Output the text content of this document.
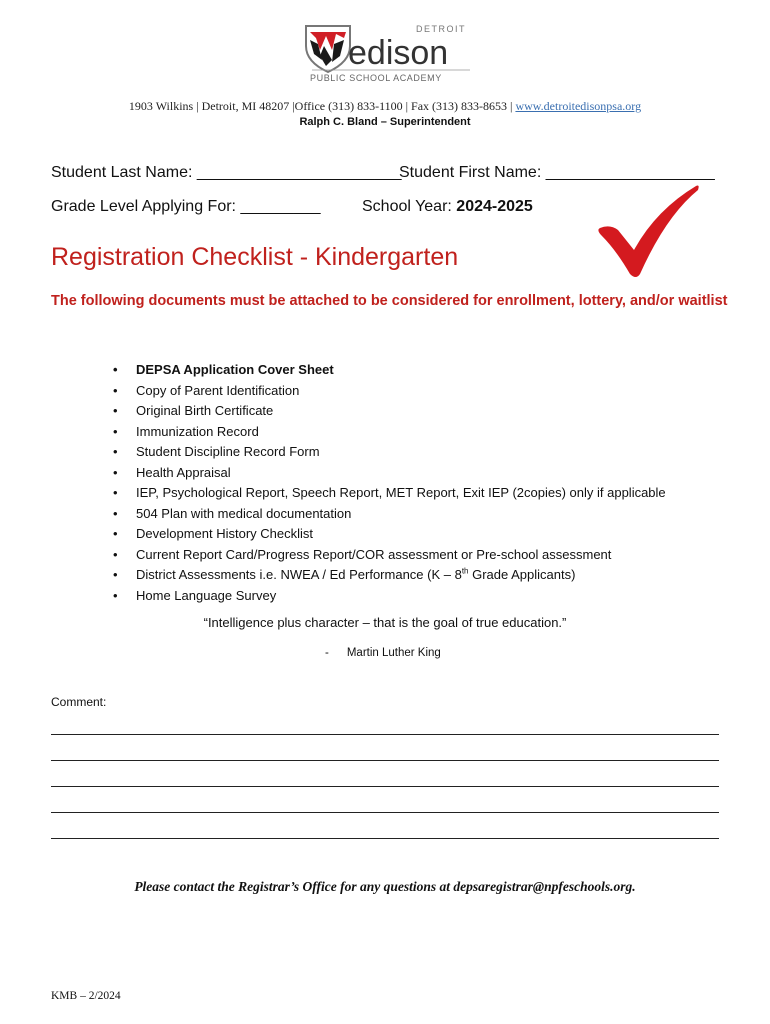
DETROIT
edison
PUBLIC SCHOOL ACADEMY
1903 Wilkins | Detroit, MI 48207 |Office (313) 833-1100 | Fax (313) 833-8653 | www.detroitedisonpsa.org
Ralph C. Bland – Superintendent
Student Last Name: _______________________
Student First Name: ___________________
Grade Level Applying For: _________	School Year: 2024-2025
Registration Checklist - Kindergarten
The following documents must be attached to be considered for enrollment, lottery, and/or waitlist
• DEPSA Application Cover Sheet
• Copy of Parent Identification
• Original Birth Certificate
• Immunization Record
• Student Discipline Record Form
• Health Appraisal
• IEP, Psychological Report, Speech Report, MET Report, Exit IEP (2copies) only if applicable
• 504 Plan with medical documentation
• Development History Checklist
• Current Report Card/Progress Report/COR assessment or Pre-school assessment
• District Assessments i.e. NWEA / Ed Performance (K – 8th Grade Applicants)
• Home Language Survey
“Intelligence plus character – that is the goal of true education.”
- Martin Luther King
Comment:
Please contact the Registrar’s Office for any questions at depsaregistrar@npfeschools.org.
KMB – 2/2024
